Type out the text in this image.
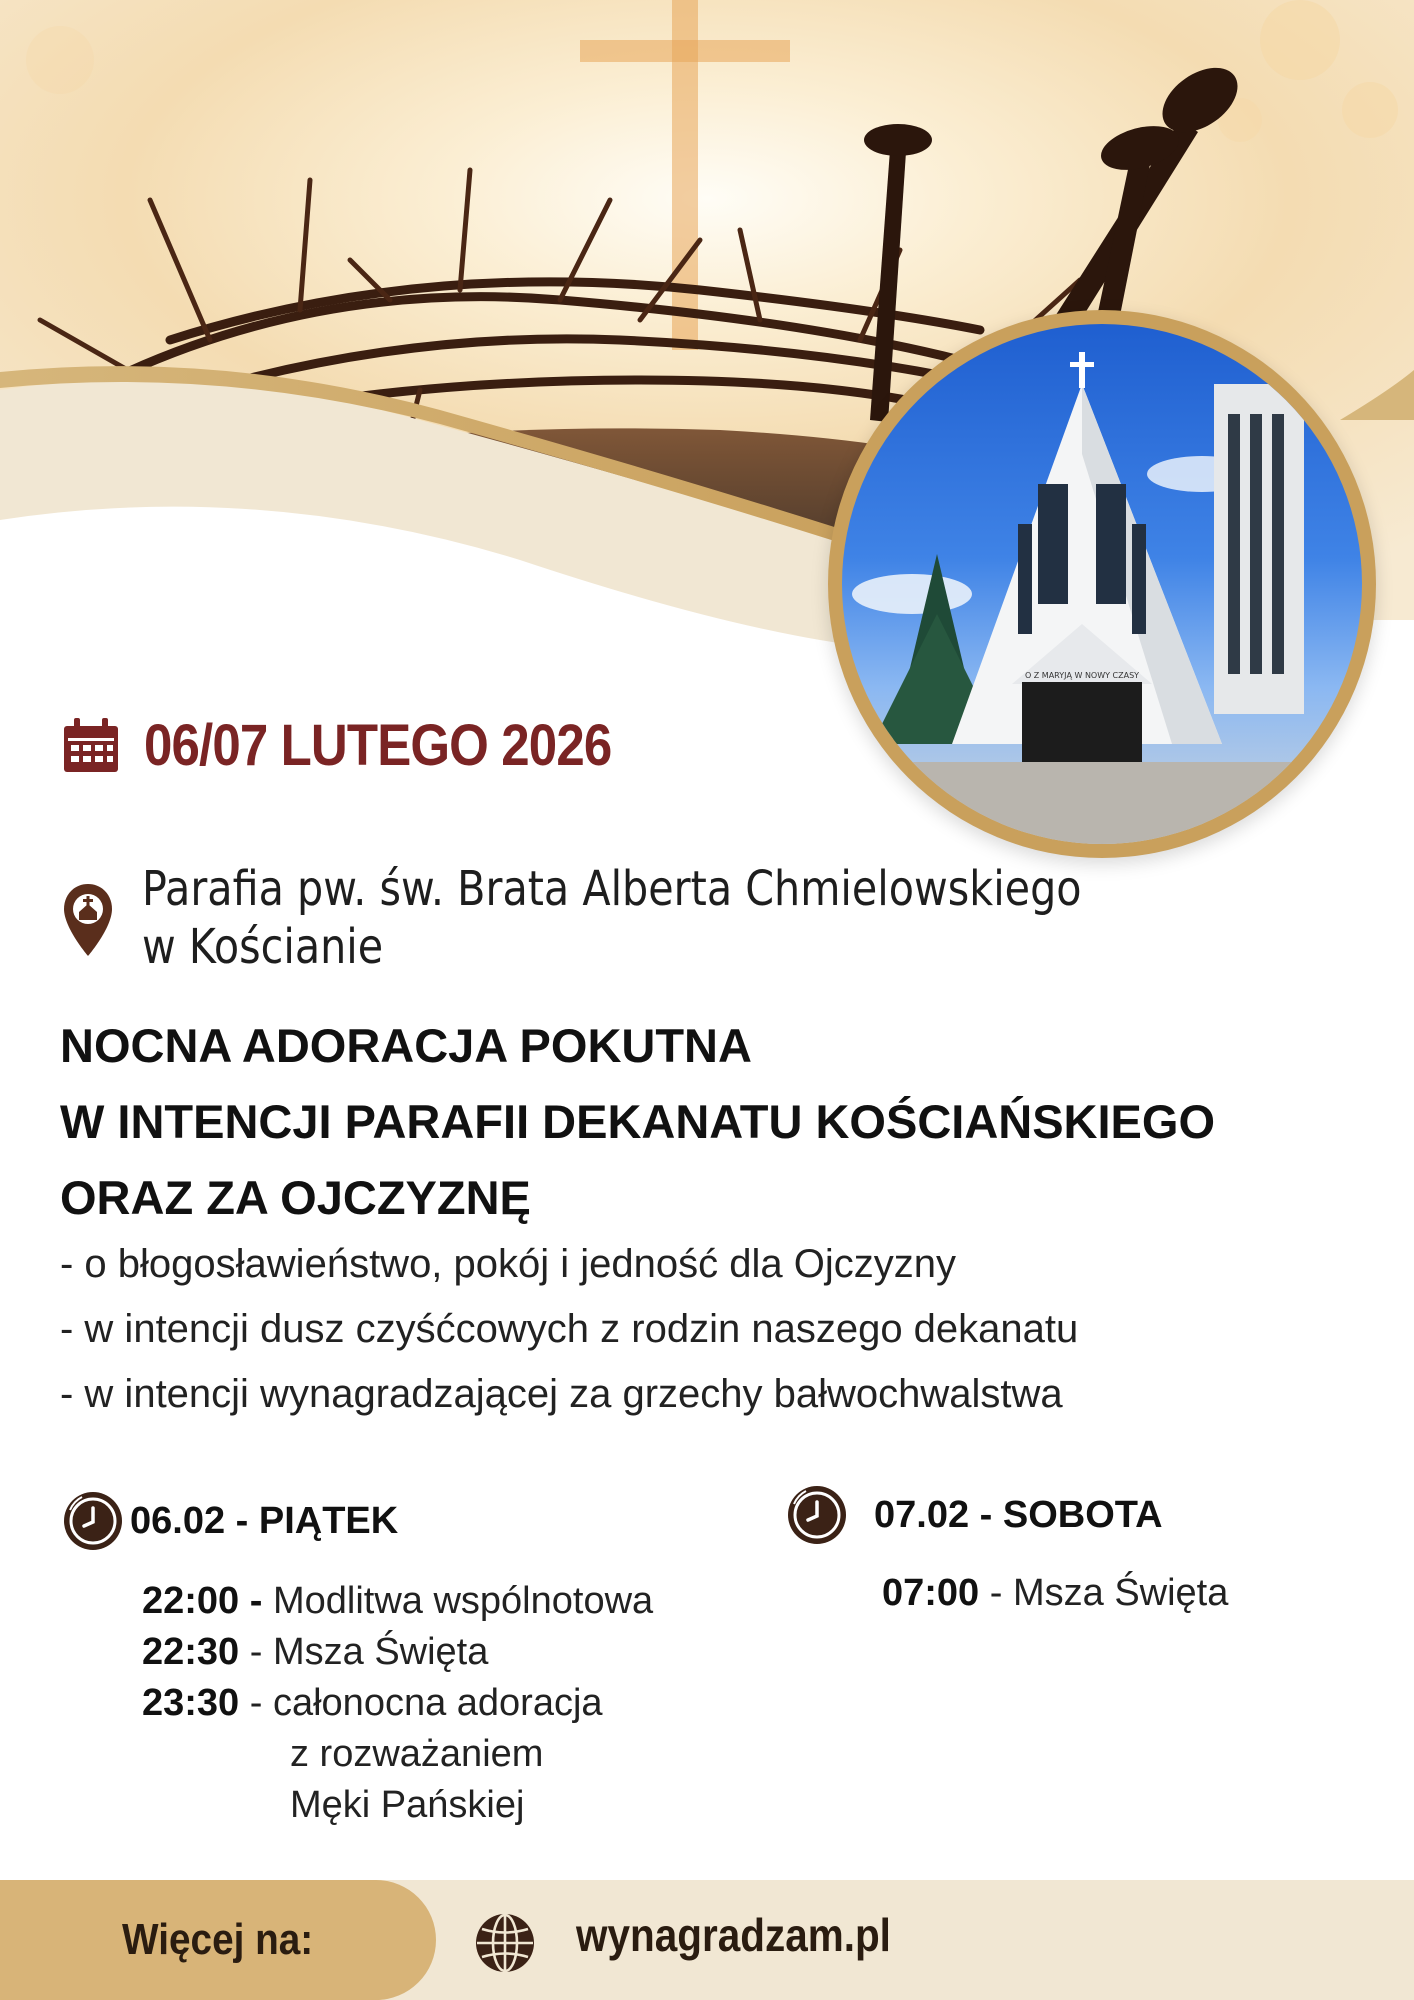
O Z MARYJĄ W NOWY CZASY
06/07 LUTEGO 2026
Parafia pw. św. Brata Alberta Chmielowskiego
w Kościanie
NOCNA ADORACJA POKUTNA
W INTENCJI PARAFII DEKANATU KOŚCIAŃSKIEGO
ORAZ ZA OJCZYZNĘ
- o błogosławieństwo, pokój i jedność dla Ojczyzny
- w intencji dusz czyśćcowych z rodzin naszego dekanatu
- w intencji wynagradzającej za grzechy bałwochwalstwa
06.02 - PIĄTEK
22:00 - Modlitwa wspólnotowa
22:30 - Msza Święta
23:30 - całonocna adoracja
z rozważaniem
Męki Pańskiej
07.02 - SOBOTA
07:00 - Msza Święta
Więcej na:	wynagradzam.pl
